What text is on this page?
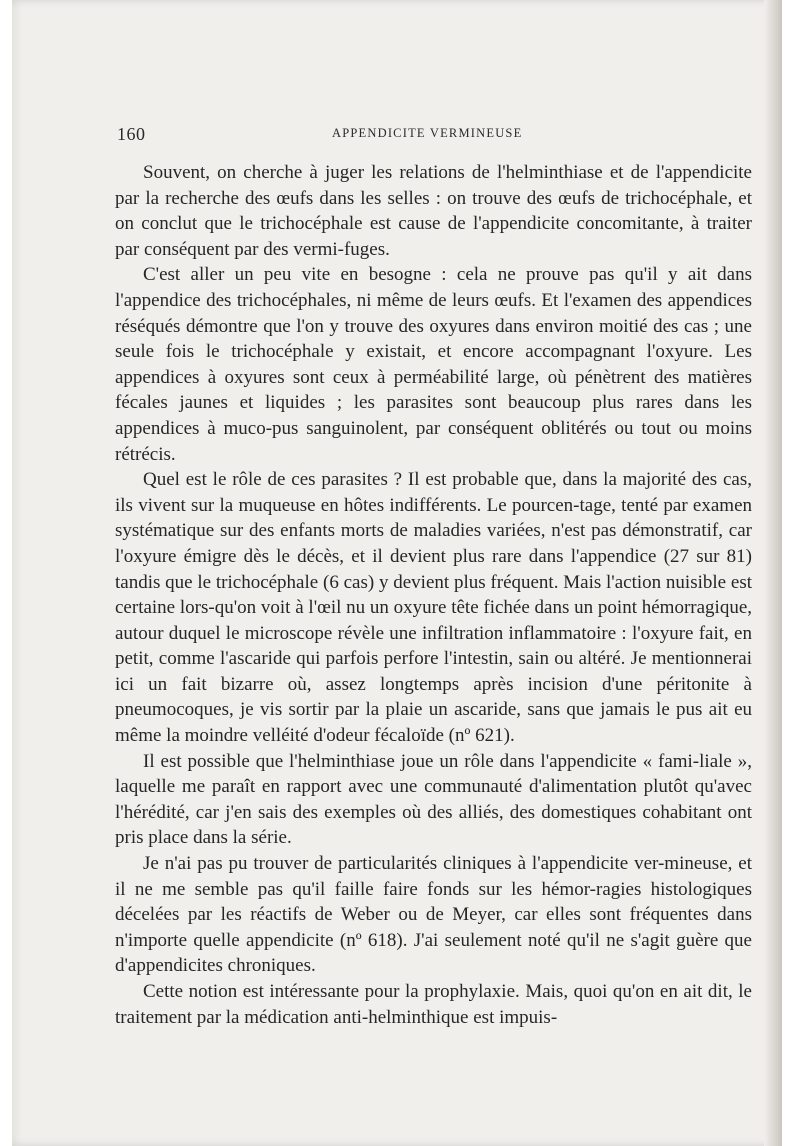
160	APPENDICITE VERMINEUSE

Souvent, on cherche à juger les relations de l'helminthiase et de l'appendicite par la recherche des œufs dans les selles : on trouve des œufs de trichocéphale, et on conclut que le trichocéphale est cause de l'appendicite concomitante, à traiter par conséquent par des vermi-fuges.

C'est aller un peu vite en besogne : cela ne prouve pas qu'il y ait dans l'appendice des trichocéphales, ni même de leurs œufs. Et l'examen des appendices réséqués démontre que l'on y trouve des oxyures dans environ moitié des cas ; une seule fois le trichocéphale y existait, et encore accompagnant l'oxyure. Les appendices à oxyures sont ceux à perméabilité large, où pénètrent des matières fécales jaunes et liquides ; les parasites sont beaucoup plus rares dans les appendices à muco-pus sanguinolent, par conséquent oblitérés ou tout ou moins rétrécis.

Quel est le rôle de ces parasites ? Il est probable que, dans la majorité des cas, ils vivent sur la muqueuse en hôtes indifférents. Le pourcen-tage, tenté par examen systématique sur des enfants morts de maladies variées, n'est pas démonstratif, car l'oxyure émigre dès le décès, et il devient plus rare dans l'appendice (27 sur 81) tandis que le trichocéphale (6 cas) y devient plus fréquent. Mais l'action nuisible est certaine lors-qu'on voit à l'œil nu un oxyure tête fichée dans un point hémorragique, autour duquel le microscope révèle une infiltration inflammatoire : l'oxyure fait, en petit, comme l'ascaride qui parfois perfore l'intestin, sain ou altéré. Je mentionnerai ici un fait bizarre où, assez longtemps après incision d'une péritonite à pneumocoques, je vis sortir par la plaie un ascaride, sans que jamais le pus ait eu même la moindre velléité d'odeur fécaloïde (nº 621).

Il est possible que l'helminthiase joue un rôle dans l'appendicite « fami-liale », laquelle me paraît en rapport avec une communauté d'alimentation plutôt qu'avec l'hérédité, car j'en sais des exemples où des alliés, des domestiques cohabitant ont pris place dans la série.

Je n'ai pas pu trouver de particularités cliniques à l'appendicite ver-mineuse, et il ne me semble pas qu'il faille faire fonds sur les hémor-ragies histologiques décelées par les réactifs de Weber ou de Meyer, car elles sont fréquentes dans n'importe quelle appendicite (nº 618). J'ai seulement noté qu'il ne s'agit guère que d'appendicites chroniques.

Cette notion est intéressante pour la prophylaxie. Mais, quoi qu'on en ait dit, le traitement par la médication anti-helminthique est impuis-
